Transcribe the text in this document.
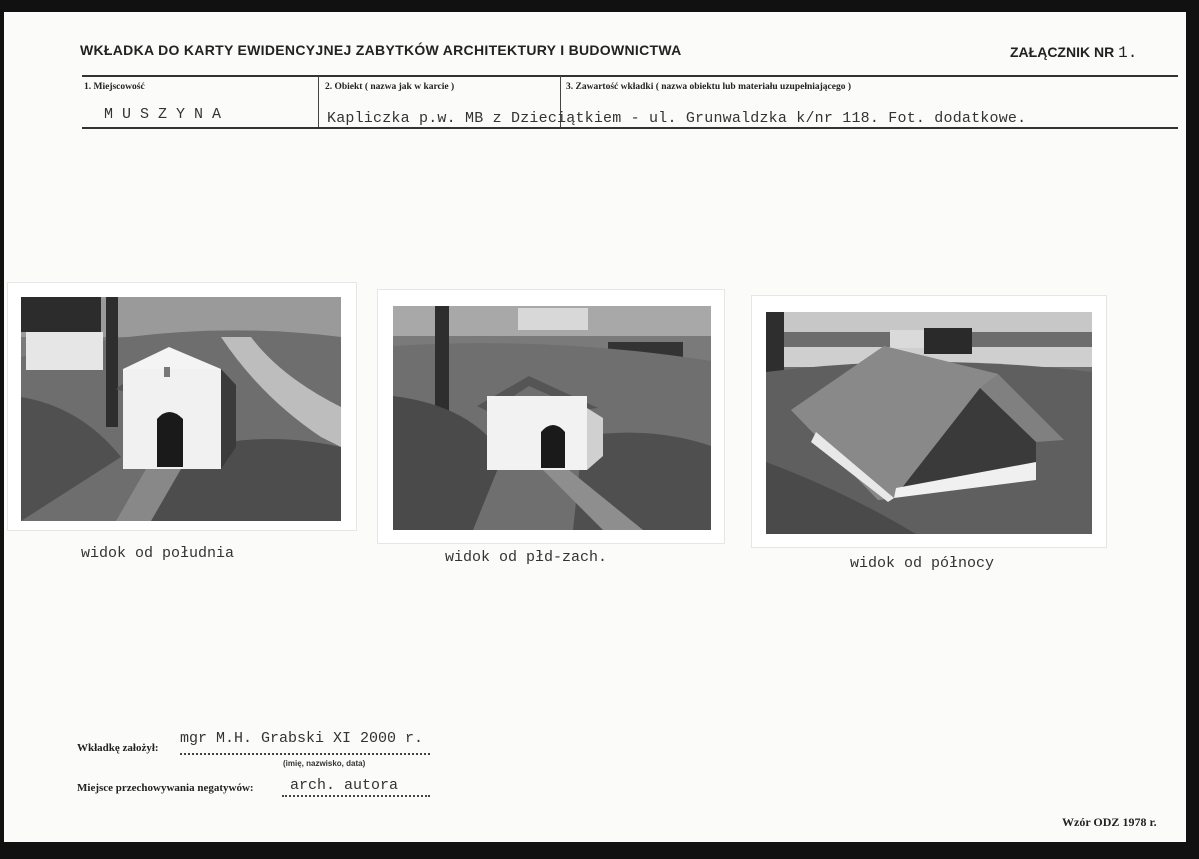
WKŁADKA DO KARTY EWIDENCYJNEJ ZABYTKÓW ARCHITEKTURY I BUDOWNICTWA	ZAŁĄCZNIK NR 1.
1. Miejscowość	2. Obiekt ( nazwa jak w karcie )	3. Zawartość wkładki ( nazwa obiektu lub materiału uzupełniającego )
MUSZYNA	Kapliczka p.w. MB z Dzieciątkiem - ul. Grunwaldzka k/nr 118. Fot. dodatkowe.
widok od południa	widok od płd-zach.	widok od północy
Wkładkę założył:
mgr M.H. Grabski XI 2000 r.
(imię, nazwisko, data)
Miejsce przechowywania negatywów: arch. autora
Wzór ODZ 1978 r.
